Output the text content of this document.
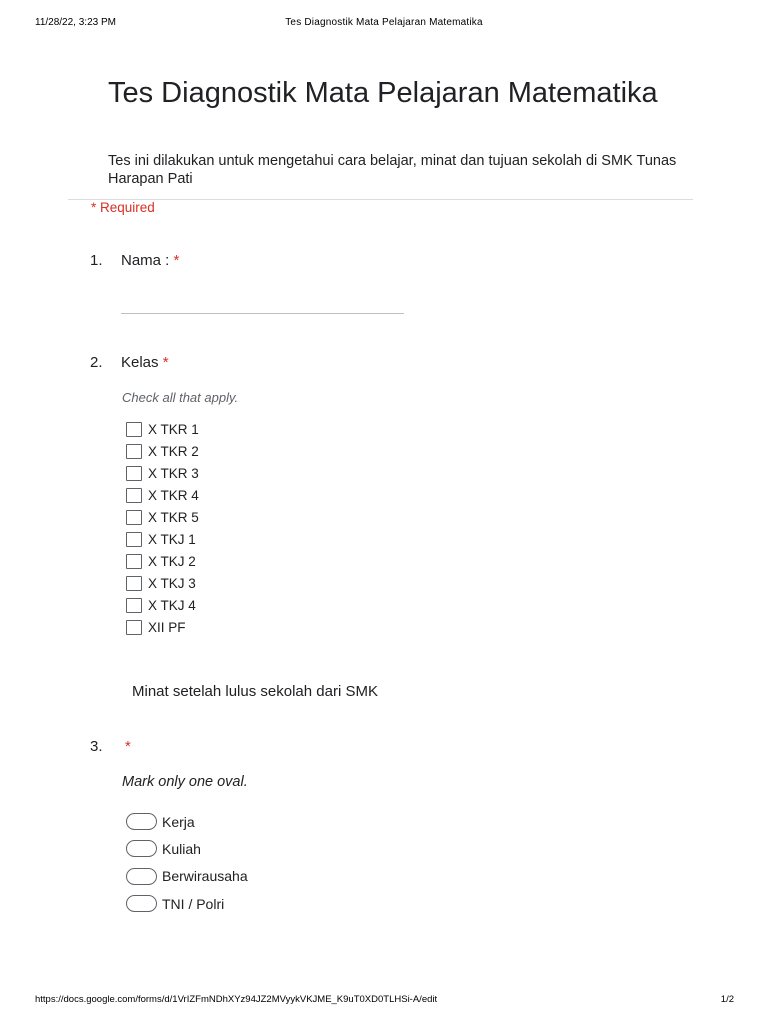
11/28/22, 3:23 PM	Tes Diagnostik Mata Pelajaran Matematika
Tes Diagnostik Mata Pelajaran Matematika
Tes ini dilakukan untuk mengetahui cara belajar, minat dan tujuan sekolah di SMK Tunas Harapan Pati
* Required
1. Nama : *
2. Kelas *
Check all that apply.
X TKR 1
X TKR 2
X TKR 3
X TKR 4
X TKR 5
X TKJ 1
X TKJ 2
X TKJ 3
X TKJ 4
XII PF
Minat setelah lulus sekolah dari SMK
3. *
Mark only one oval.
Kerja
Kuliah
Berwirausaha
TNI / Polri
https://docs.google.com/forms/d/1VrIZFmNDhXYz94JZ2MVyykVKJME_K9uT0XD0TLHSi-A/edit	1/2
